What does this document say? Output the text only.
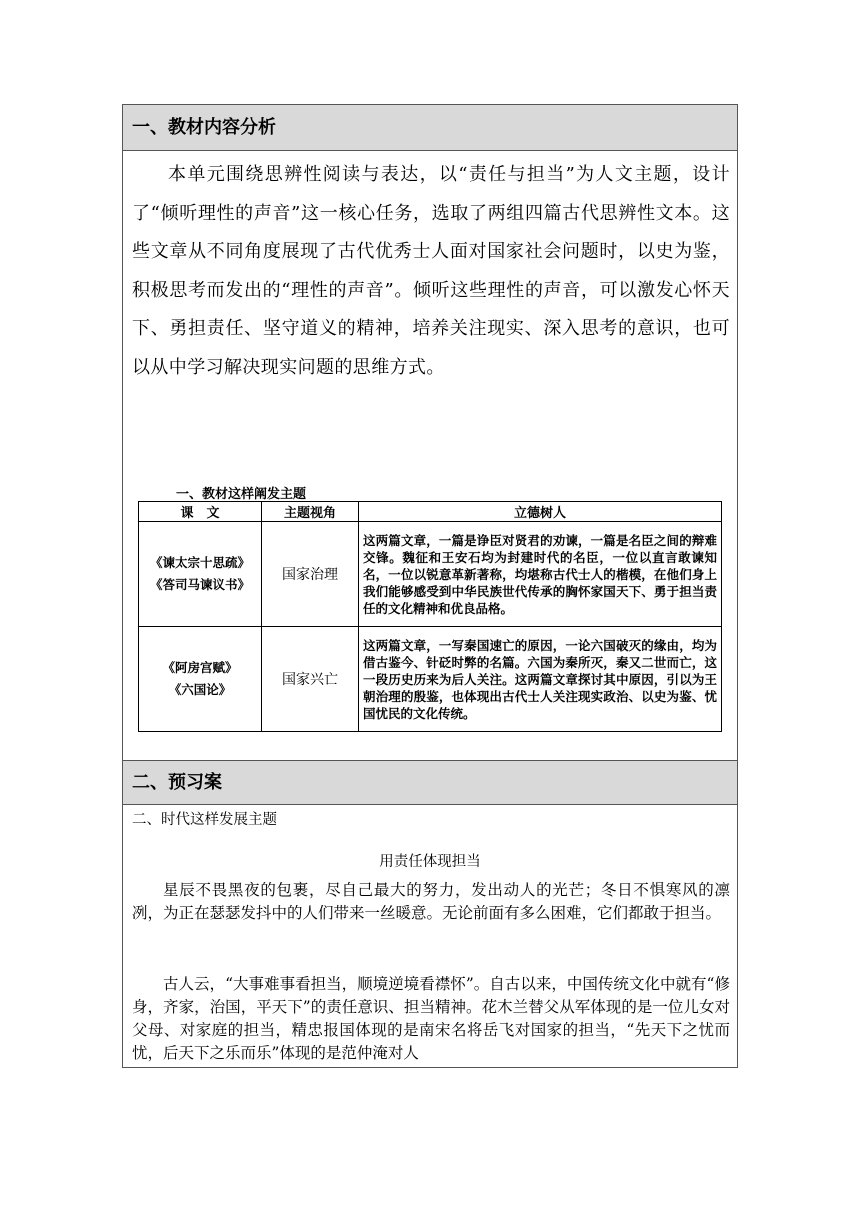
一、教材内容分析

本单元围绕思辨性阅读与表达，以“责任与担当”为人文主题，设计了“倾听理性的声音”这一核心任务，选取了两组四篇古代思辨性文本。这些文章从不同角度展现了古代优秀士人面对国家社会问题时，以史为鉴，积极思考而发出的“理性的声音”。倾听这些理性的声音，可以激发心怀天下、勇担责任、坚守道义的精神，培养关注现实、深入思考的意识，也可以从中学习解决现实问题的思维方式。

一、教材这样阐发主题
课　文	主题视角	立德树人

《谏太宗十思疏》
《答司马谏议书》	国家治理	这两篇文章，一篇是诤臣对贤君的劝谏，一篇是名臣之间的辩难交锋。魏征和王安石均为封建时代的名臣，一位以直言敢谏知名，一位以锐意革新著称，均堪称古代士人的楷模，在他们身上我们能够感受到中华民族世代传承的胸怀家国天下、勇于担当责任的文化精神和优良品格。

《阿房宫赋》
《六国论》	国家兴亡	这两篇文章，一写秦国速亡的原因，一论六国破灭的缘由，均为借古鉴今、针砭时弊的名篇。六国为秦所灭，秦又二世而亡，这一段历史历来为后人关注。这两篇文章探讨其中原因，引以为王朝治理的殷鉴，也体现出古代士人关注现实政治、以史为鉴、忧国忧民的文化传统。
二、预习案
二、时代这样发展主题
用责任体现担当

星辰不畏黑夜的包裹，尽自己最大的努力，发出动人的光芒；冬日不惧寒风的凛冽，为正在瑟瑟发抖中的人们带来一丝暖意。无论前面有多么困难，它们都敢于担当。

古人云，“大事难事看担当，顺境逆境看襟怀”。自古以来，中国传统文化中就有“修身，齐家，治国，平天下”的责任意识、担当精神。花木兰替父从军体现的是一位儿女对父母、对家庭的担当，精忠报国体现的是南宋名将岳飞对国家的担当，“先天下之忧而忧，后天下之乐而乐”体现的是范仲淹对人
